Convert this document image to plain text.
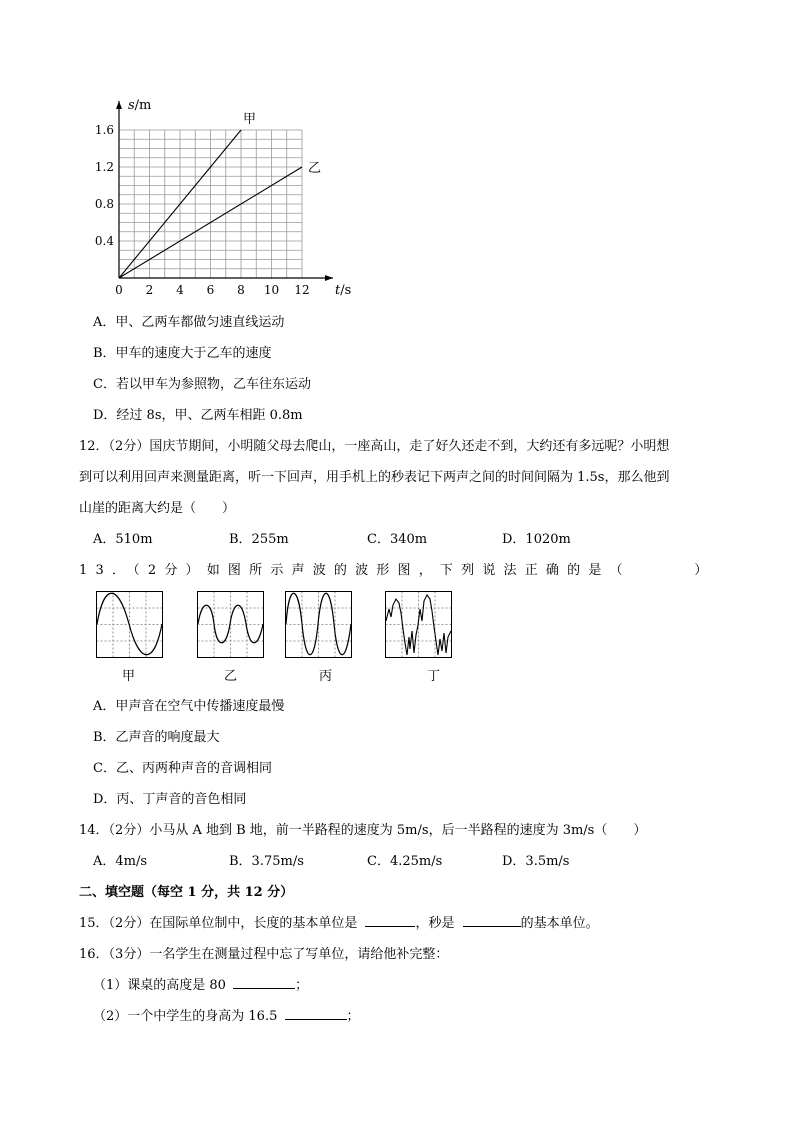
1.6
1.2
0.8
0.4
0 2 4 6 8 10 12
s/m
t/s
甲
乙
A．甲、乙两车都做匀速直线运动
B．甲车的速度大于乙车的速度
C．若以甲车为参照物，乙车往东运动
D．经过 8s，甲、乙两车相距 0.8m
12．（2分）国庆节期间，小明随父母去爬山，一座高山，走了好久还走不到，大约还有多远呢？小明想
到可以利用回声来测量距离，听一下回声，用手机上的秒表记下两声之间的时间间隔为 1.5s，那么他到
山崖的距离大约是（　　）
A．510m	B．255m	C．340m	D．1020m
13．（2分）如图所示声波的波形图，下列说法正确的是（　　　）
甲	乙	丙	丁
A．甲声音在空气中传播速度最慢
B．乙声音的响度最大
C．乙、丙两种声音的音调相同
D．丙、丁声音的音色相同
14．（2分）小马从 A 地到 B 地，前一半路程的速度为 5m/s，后一半路程的速度为 3m/s（　　）
A．4m/s	B．3.75m/s	C．4.25m/s	D．3.5m/s
二、填空题（每空 1 分，共 12 分）
15．（2分）在国际单位制中，长度的基本单位是	，秒是	的基本单位。
16．（3分）一名学生在测量过程中忘了写单位，请给他补完整：
（1）课桌的高度是 80	；
（2）一个中学生的身高为 16.5	；
